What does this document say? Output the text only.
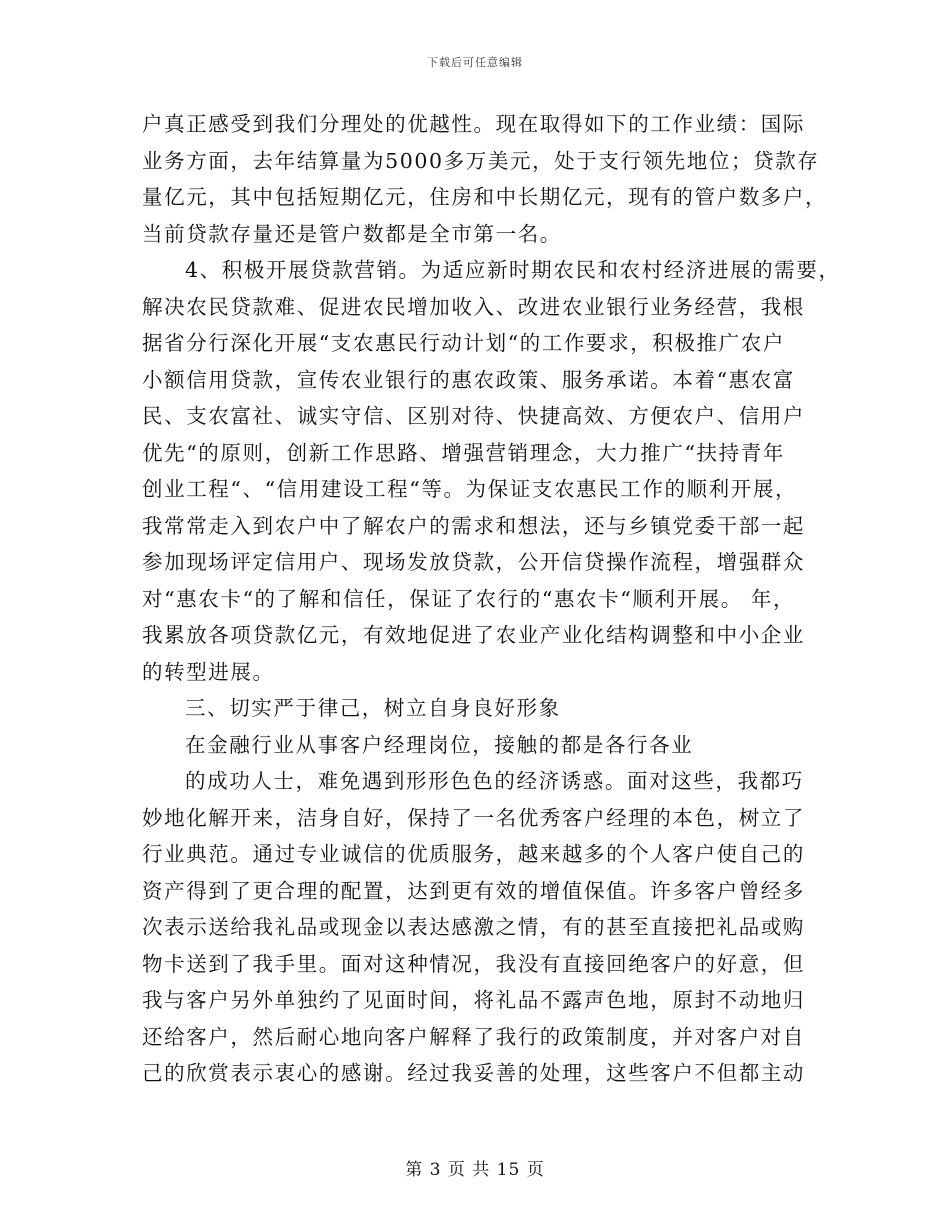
下载后可任意编辑
户真正感受到我们分理处的优越性。现在取得如下的工作业绩：国际
业务方面，去年结算量为5000多万美元，处于支行领先地位；贷款存
量亿元，其中包括短期亿元，住房和中长期亿元，现有的管户数多户，
当前贷款存量还是管户数都是全市第一名。
4、积极开展贷款营销。为适应新时期农民和农村经济进展的需要，
解决农民贷款难、促进农民增加收入、改进农业银行业务经营，我根
据省分行深化开展“支农惠民行动计划“的工作要求，积极推广农户
小额信用贷款，宣传农业银行的惠农政策、服务承诺。本着“惠农富
民、支农富社、诚实守信、区别对待、快捷高效、方便农户、信用户
优先“的原则，创新工作思路、增强营销理念，大力推广“扶持青年
创业工程“、“信用建设工程“等。为保证支农惠民工作的顺利开展，
我常常走入到农户中了解农户的需求和想法，还与乡镇党委干部一起
参加现场评定信用户、现场发放贷款，公开信贷操作流程，增强群众
对“惠农卡“的了解和信任，保证了农行的“惠农卡“顺利开展。 年，
我累放各项贷款亿元，有效地促进了农业产业化结构调整和中小企业
的转型进展。
三、切实严于律己，树立自身良好形象
在金融行业从事客户经理岗位，接触的都是各行各业
的成功人士，难免遇到形形色色的经济诱惑。面对这些，我都巧
妙地化解开来，洁身自好，保持了一名优秀客户经理的本色，树立了
行业典范。通过专业诚信的优质服务，越来越多的个人客户使自己的
资产得到了更合理的配置，达到更有效的增值保值。许多客户曾经多
次表示送给我礼品或现金以表达感激之情，有的甚至直接把礼品或购
物卡送到了我手里。面对这种情况，我没有直接回绝客户的好意，但
我与客户另外单独约了见面时间，将礼品不露声色地，原封不动地归
还给客户，然后耐心地向客户解释了我行的政策制度，并对客户对自
己的欣赏表示衷心的感谢。经过我妥善的处理，这些客户不但都主动
第 3 页 共 15 页
